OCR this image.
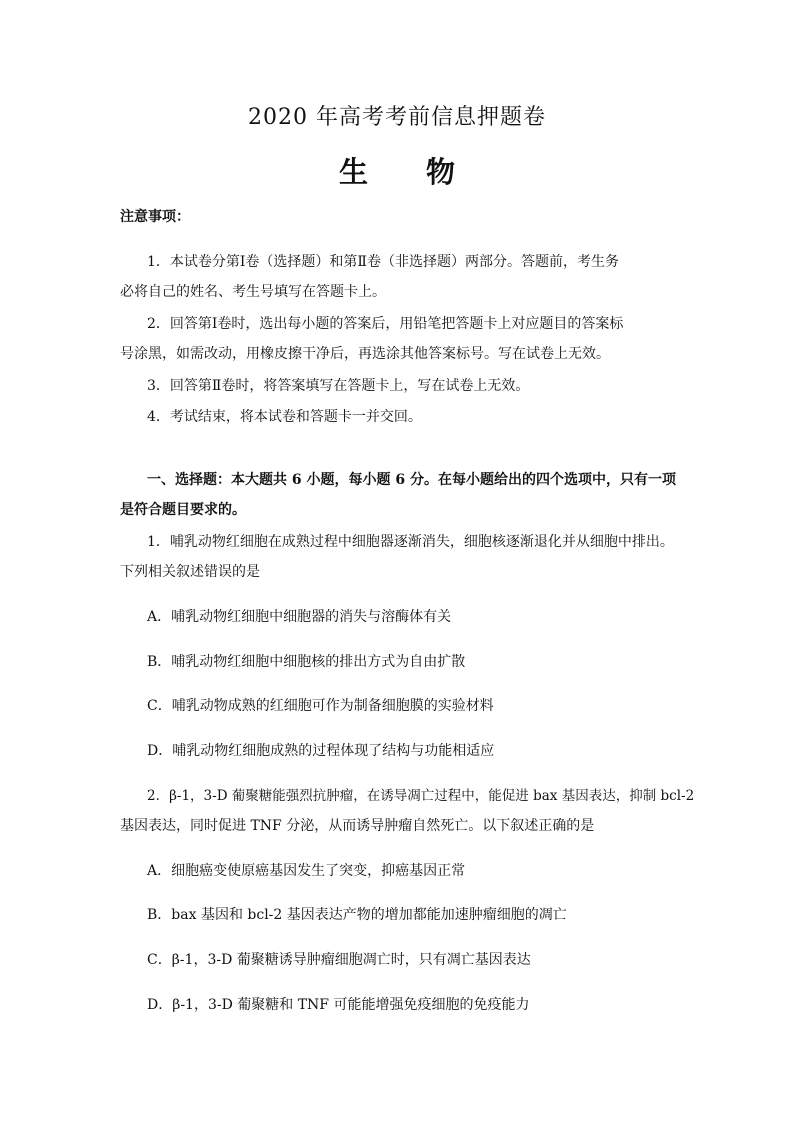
2020 年高考考前信息押题卷
生 物
注意事项：
1．本试卷分第Ⅰ卷（选择题）和第Ⅱ卷（非选择题）两部分。答题前，考生务
必将自己的姓名、考生号填写在答题卡上。
2．回答第Ⅰ卷时，选出每小题的答案后，用铅笔把答题卡上对应题目的答案标
号涂黑，如需改动，用橡皮擦干净后，再选涂其他答案标号。写在试卷上无效。
3．回答第Ⅱ卷时，将答案填写在答题卡上，写在试卷上无效。
4．考试结束，将本试卷和答题卡一并交回。
一、选择题：本大题共 6 小题，每小题 6 分。在每小题给出的四个选项中，只有一项
是符合题目要求的。
1．哺乳动物红细胞在成熟过程中细胞器逐渐消失，细胞核逐渐退化并从细胞中排出。
下列相关叙述错误的是
A．哺乳动物红细胞中细胞器的消失与溶酶体有关
B．哺乳动物红细胞中细胞核的排出方式为自由扩散
C．哺乳动物成熟的红细胞可作为制备细胞膜的实验材料
D．哺乳动物红细胞成熟的过程体现了结构与功能相适应
2．β-1，3-D 葡聚糖能强烈抗肿瘤，在诱导凋亡过程中，能促进 bax 基因表达，抑制 bcl-2
基因表达，同时促进 TNF 分泌，从而诱导肿瘤自然死亡。以下叙述正确的是
A．细胞癌变使原癌基因发生了突变，抑癌基因正常
B．bax 基因和 bcl-2 基因表达产物的增加都能加速肿瘤细胞的凋亡
C．β-1，3-D 葡聚糖诱导肿瘤细胞凋亡时，只有凋亡基因表达
D．β-1，3-D 葡聚糖和 TNF 可能能增强免疫细胞的免疫能力
